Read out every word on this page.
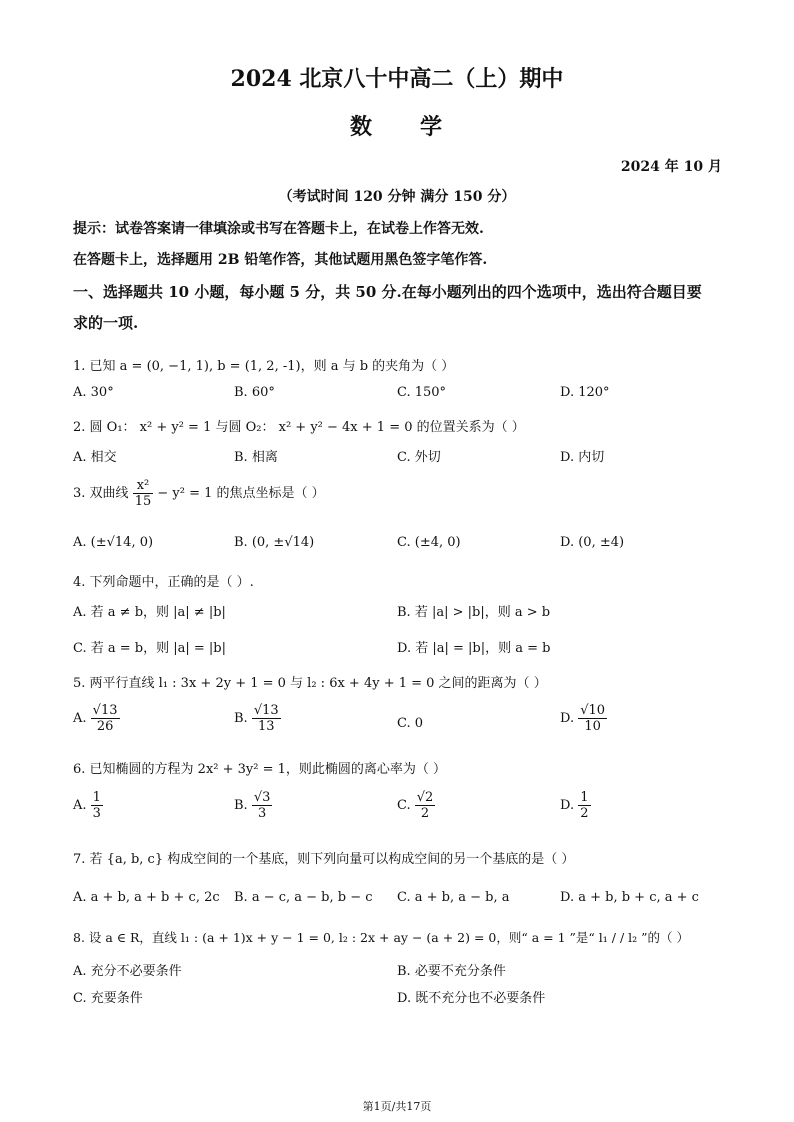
2024 北京八十中高二（上）期中
数 学
2024 年 10 月
（考试时间 120 分钟 满分 150 分）
提示：试卷答案请一律填涂或书写在答题卡上，在试卷上作答无效.
在答题卡上，选择题用 2B 铅笔作答，其他试题用黑色签字笔作答.
一、选择题共 10 小题，每小题 5 分，共 50 分.在每小题列出的四个选项中，选出符合题目要
求的一项.
1. 已知 a = (0, −1, 1), b = (1, 2, -1)，则 a 与 b 的夹角为（ ）
A. 30°	B. 60°	C. 150°	D. 120°
2. 圆 O₁： x² + y² = 1 与圆 O₂： x² + y² − 4x + 1 = 0 的位置关系为（ ）
A. 相交	B. 相离	C. 外切	D. 内切
3. 双曲线 $\frac{\text{x²}}{15} - y^2 = 1$ 的焦点坐标是（ ）
A. (±√14, 0)	B. (0, ±√14)	C. (±4, 0)	D. (0, ±4)
4. 下列命题中，正确的是（ ）.
A. 若 a ≠ b，则 |a| ≠ |b|	B. 若 |a| > |b|，则 a > b
C. 若 a = b，则 |a| = |b|	D. 若 |a| = |b|，则 a = b
5. 两平行直线 l₁ : 3x + 2y + 1 = 0 与 l₂ : 6x + 4y + 1 = 0 之间的距离为（ ）
A. $\frac{√13}{26}$	B. $\frac{√13}{13}$	C. 0	D. $\frac{√10}{10}$
6. 已知椭圆的方程为 2x² + 3y² = 1，则此椭圆的离心率为（ ）
A. $\frac{1}{3}$	B. $\frac{√3}{3}$	C. $\frac{√2}{2}$	D. $\frac{1}{2}$
7. 若 {a, b, c} 构成空间的一个基底，则下列向量可以构成空间的另一个基底的是（ ）
A. a + b, a + b + c, 2c B. a − c, a − b, b − c C. a + b, a − b, a	D. a + b, b + c, a + c
8. 设 a ∈ R，直线 l₁ : (a + 1)x + y − 1 = 0, l₂ : 2x + ay − (a + 2) = 0，则“ a = 1 ”是“ l₁ / / l₂ ”的（ ）
A. 充分不必要条件	B. 必要不充分条件
C. 充要条件	D. 既不充分也不必要条件
第1页/共17页
